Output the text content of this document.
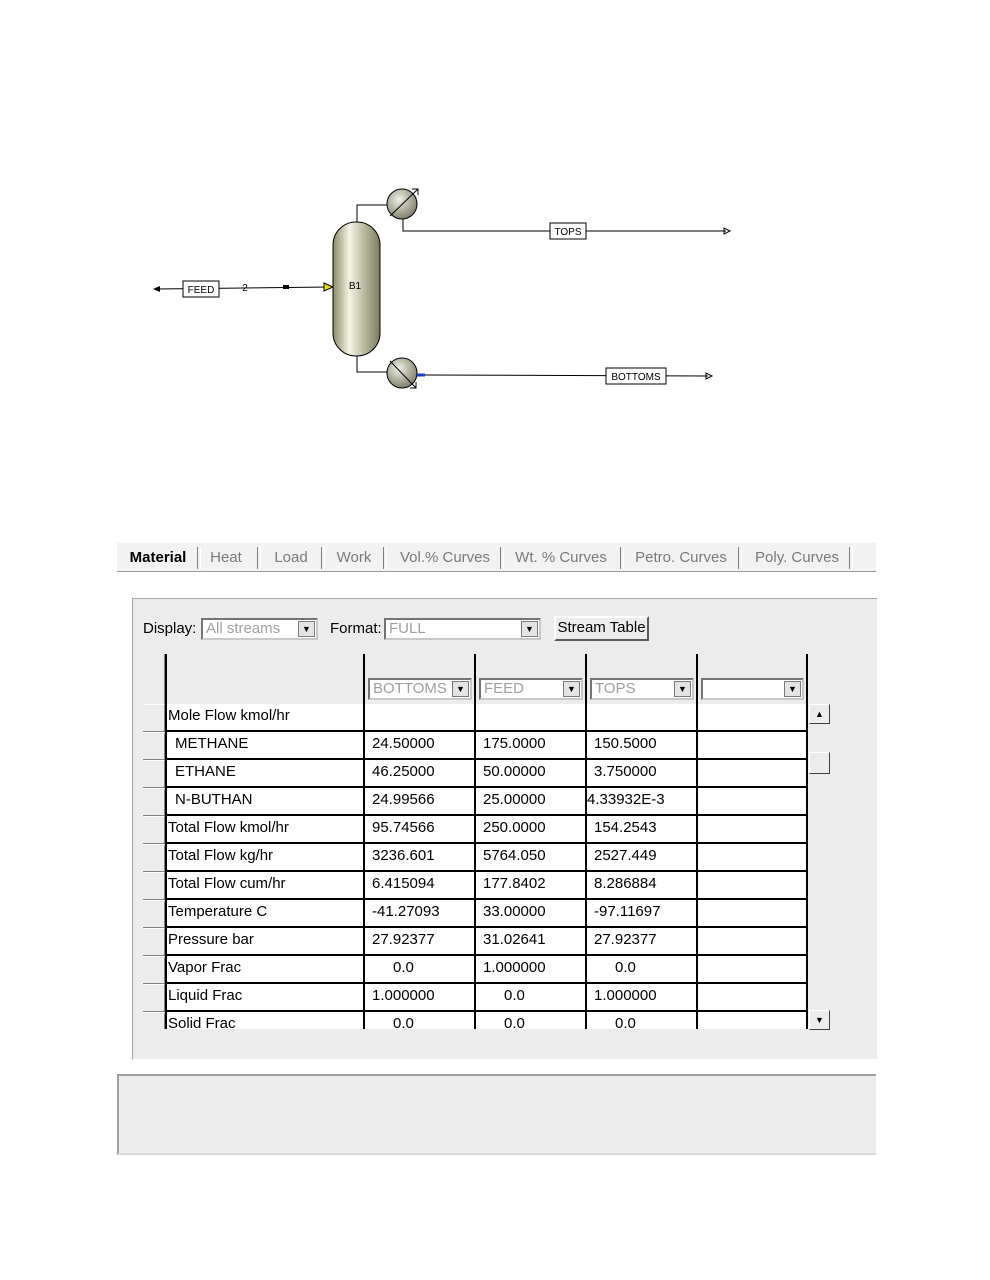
FEED	2	B1
TOPS
BOTTOMS
Material	Heat	Load	Work	Vol.% Curves	Wt. % Curves Petro. Curves Poly. Curves
Display: All streams	▼ Format: FULL	▼ Stream Table
BOTTOMS	▼	FEED	▼	TOPS	▼	▼
Mole Flow kmol/hr
METHANE	24.50000	175.0000	150.5000
ETHANE	46.25000	50.00000	3.750000
N-BUTHAN	24.99566	25.00000	4.33932E-3
Total Flow kmol/hr	95.74566	250.0000	154.2543
Total Flow kg/hr	3236.601	5764.050	2527.449
Total Flow cum/hr	6.415094	177.8402	8.286884
Temperature C	-41.27093	33.00000	-97.11697
Pressure bar	27.92377	31.02641	27.92377
Vapor Frac	0.0	1.000000	0.0
Liquid Frac	1.000000	0.0	1.000000
Solid Frac	0.0	0.0	0.0
▲
▼
